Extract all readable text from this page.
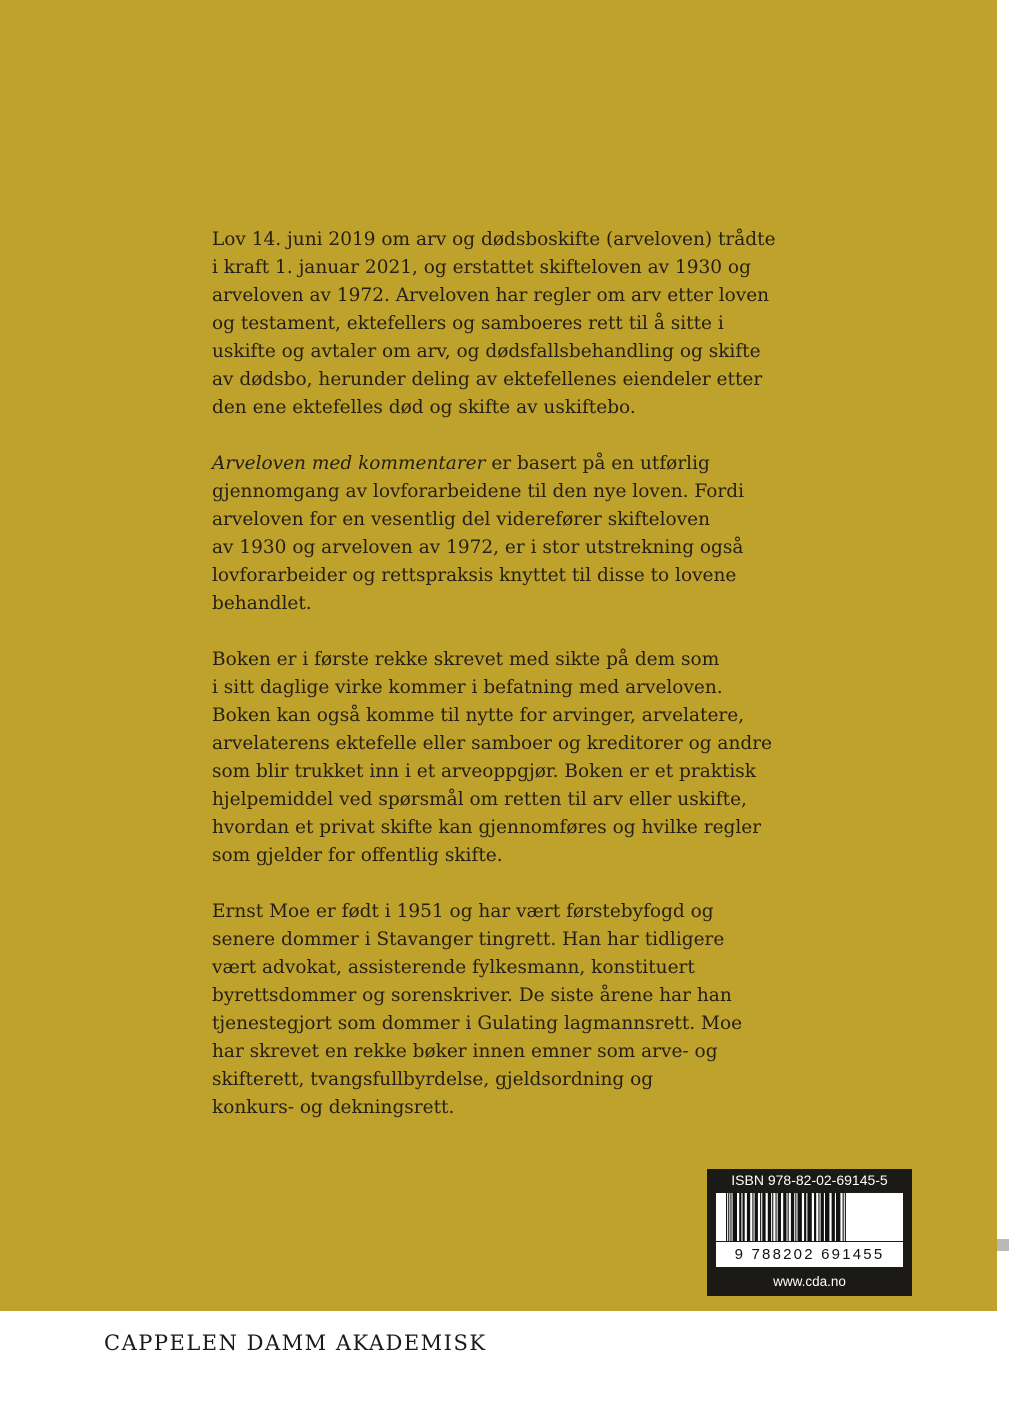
Lov 14. juni 2019 om arv og dødsboskifte (arveloven) trådte
i kraft 1. januar 2021, og erstattet skifteloven av 1930 og
arveloven av 1972. Arveloven har regler om arv etter loven
og testament, ektefellers og samboeres rett til å sitte i
uskifte og avtaler om arv, og dødsfallsbehandling og skifte
av dødsbo, herunder deling av ektefellenes eiendeler etter
den ene ektefelles død og skifte av uskiftebo.

Arveloven med kommentarer er basert på en utførlig
gjennomgang av lovforarbeidene til den nye loven. Fordi
arveloven for en vesentlig del viderefører skifteloven
av 1930 og arveloven av 1972, er i stor utstrekning også
lovforarbeider og rettspraksis knyttet til disse to lovene
behandlet.

Boken er i første rekke skrevet med sikte på dem som
i sitt daglige virke kommer i befatning med arveloven.
Boken kan også komme til nytte for arvinger, arvelatere,
arvelaterens ektefelle eller samboer og kreditorer og andre
som blir trukket inn i et arveoppgjør. Boken er et praktisk
hjelpemiddel ved spørsmål om retten til arv eller uskifte,
hvordan et privat skifte kan gjennomføres og hvilke regler
som gjelder for offentlig skifte.

Ernst Moe er født i 1951 og har vært førstebyfogd og
senere dommer i Stavanger tingrett. Han har tidligere
vært advokat, assisterende fylkesmann, konstituert
byrettsdommer og sorenskriver. De siste årene har han
tjenestegjort som dommer i Gulating lagmannsrett. Moe
har skrevet en rekke bøker innen emner som arve- og
skifterett, tvangsfullbyrdelse, gjeldsordning og
konkurs- og dekningsrett.

ISBN 978-82-02-69145-5
9 788202 691455
www.cda.no
CAPPELEN DAMM AKADEMISK
